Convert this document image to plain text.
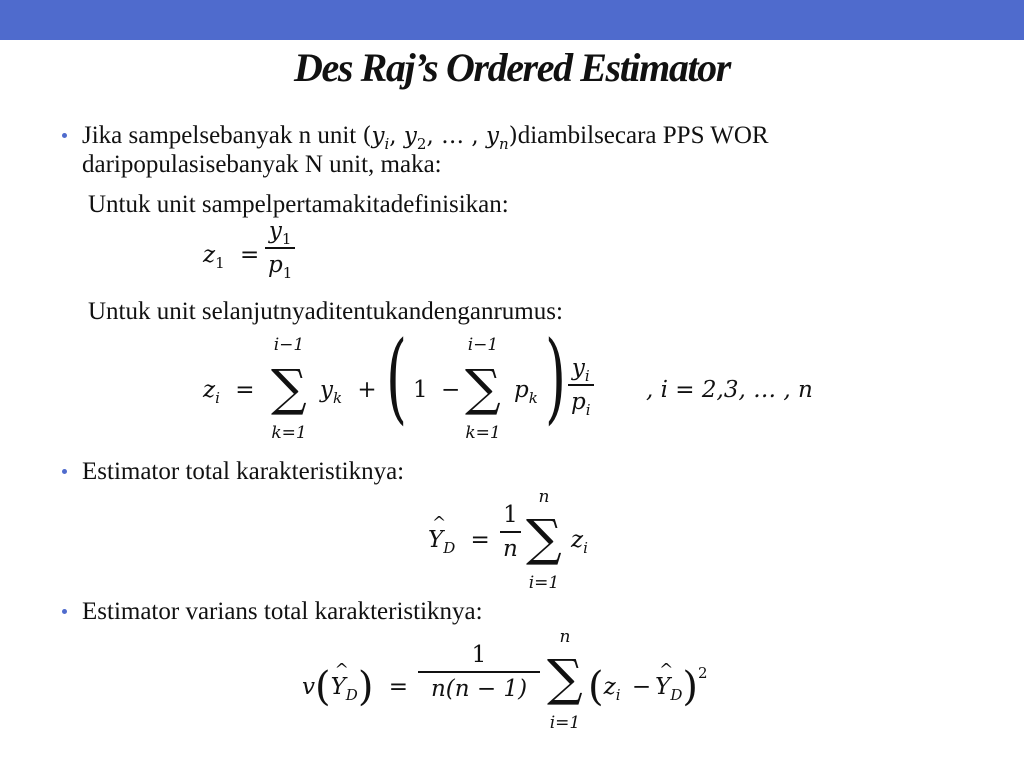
Des Raj’s Ordered Estimator
Jika sampelsebanyak n unit ($y_i$, $y_2$, … , $y_n)diambilsecara$ PPS WOR
daripopulasisebanyak N unit, maka:
Untuk unit sampelpertamakitadefinisikan:
$z_1$ =
$y_1$
$p_1$
Untuk unit selanjutnyaditentukandenganrumus:
$z_i$ =
i−1
∑
k=1
$y_k$ + ( 1 −
i−1
∑
k=1
$p_k$ ) $y_i$
$p_i$
, i = 2,3, … , n
Estimator total karakteristiknya:
Y
^
$_D$ =
1
n
n
∑
i=1
$z_i$
Estimator varians total karakteristiknya:
v(Y
^
$_D$) =
1
n(n − 1)
n
∑
i=1
($z_i - Y$
^
$_D$)$^2$
